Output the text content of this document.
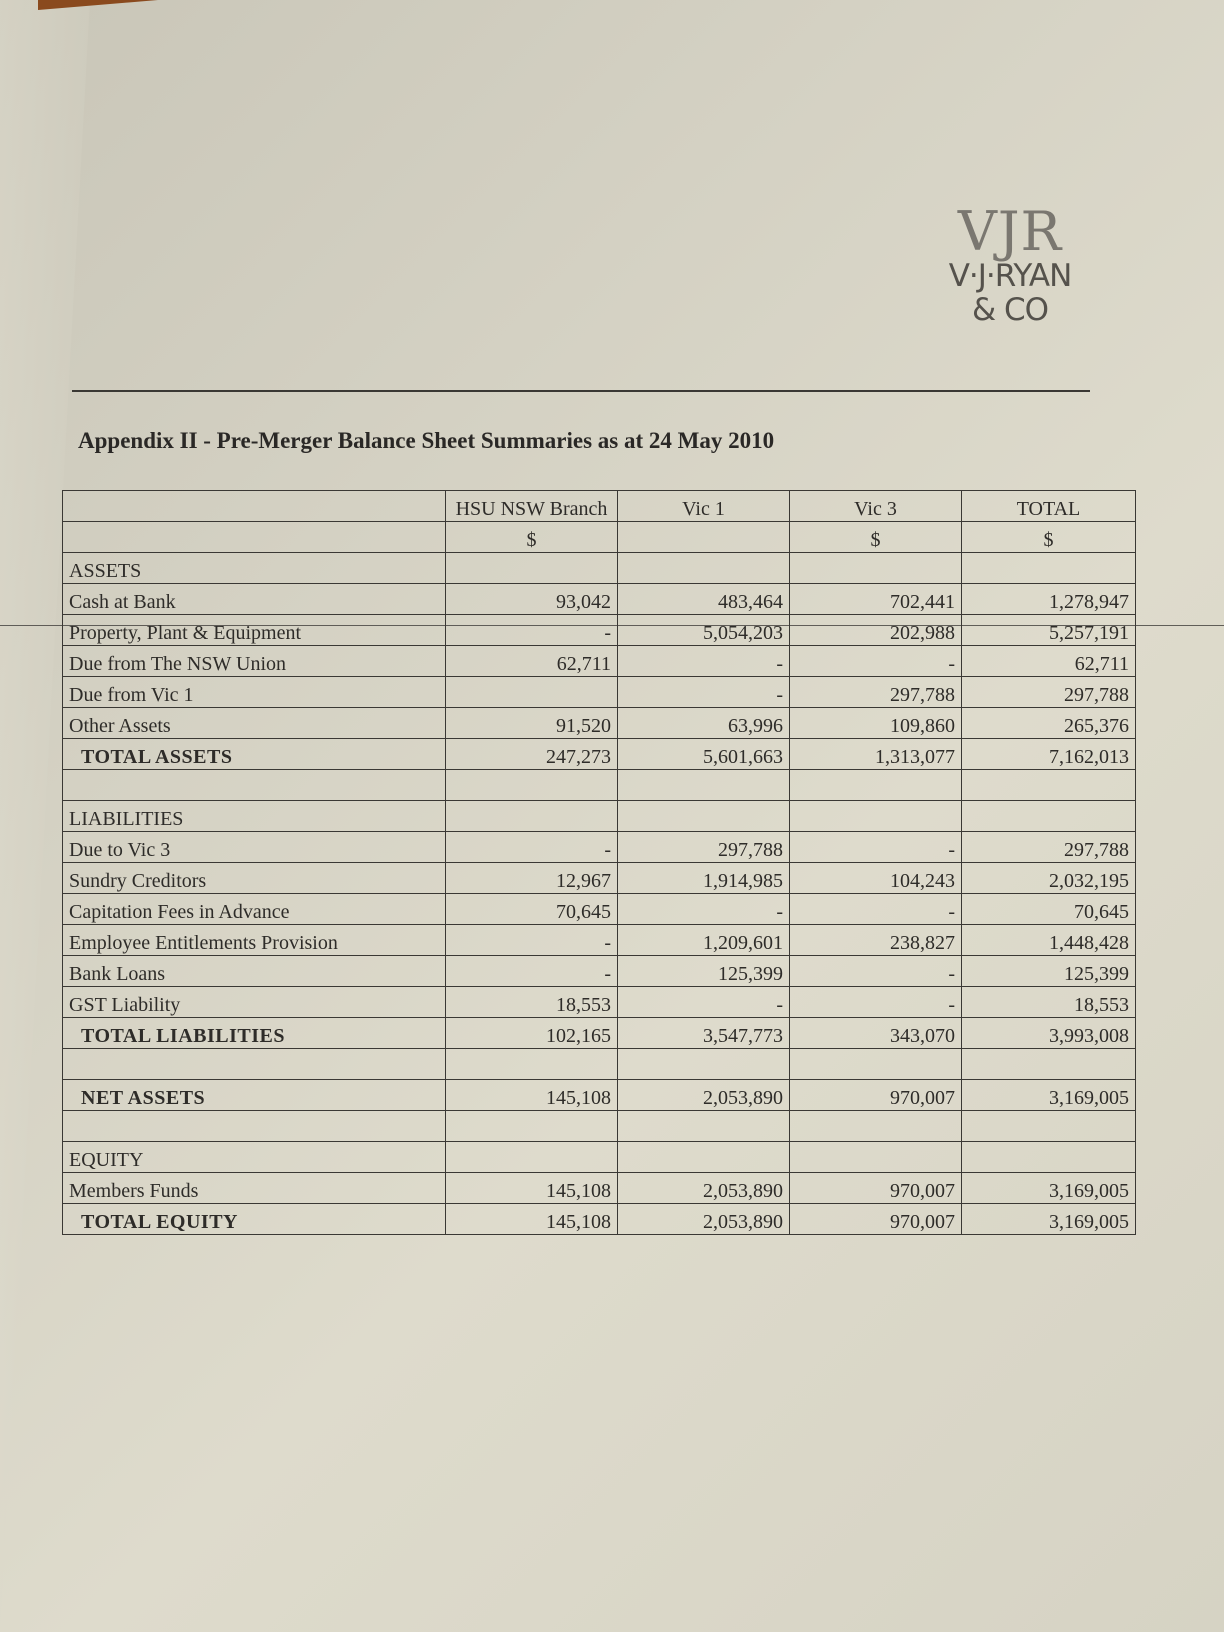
VJR
V·J·RYAN
& CO
Appendix II - Pre-Merger Balance Sheet Summaries as at 24 May 2010
	HSU NSW Branch	Vic 1	Vic 3	TOTAL
	$		$	$
ASSETS				
Cash at Bank	93,042	483,464	702,441	1,278,947
Property, Plant & Equipment	-	5,054,203	202,988	5,257,191
Due from The NSW Union	62,711	-	-	62,711
Due from Vic 1		-	297,788	297,788
Other Assets	91,520	63,996	109,860	265,376
TOTAL ASSETS	247,273	5,601,663	1,313,077	7,162,013

LIABILITIES				
Due to Vic 3	-	297,788	-	297,788
Sundry Creditors	12,967	1,914,985	104,243	2,032,195
Capitation Fees in Advance	70,645	-	-	70,645
Employee Entitlements Provision	-	1,209,601	238,827	1,448,428
Bank Loans	-	125,399	-	125,399
GST Liability	18,553	-	-	18,553
TOTAL LIABILITIES	102,165	3,547,773	343,070	3,993,008

NET ASSETS	145,108	2,053,890	970,007	3,169,005

EQUITY				
Members Funds	145,108	2,053,890	970,007	3,169,005
TOTAL EQUITY	145,108	2,053,890	970,007	3,169,005
